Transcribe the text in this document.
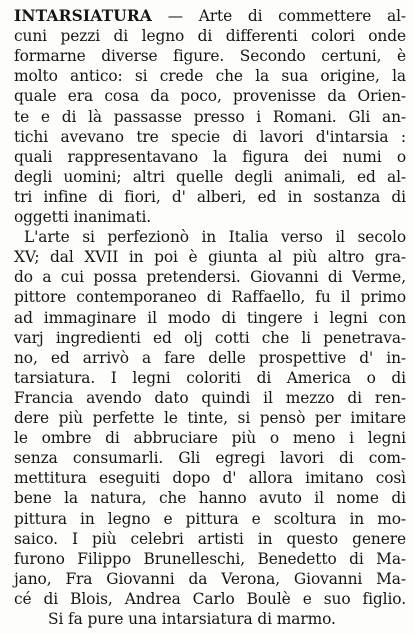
INTARSIATURA — Arte di commettere al-
cuni pezzi di legno di differenti colori onde
formarne diverse figure. Secondo certuni, è
molto antico: si crede che la sua origine, la
quale era cosa da poco, provenisse da Orien-
te e di là passasse presso i Romani. Gli an-
tichi avevano tre specie di lavori d'intarsia :
quali rappresentavano la figura dei numi o
degli uomini; altri quelle degli animali, ed al-
tri infine di fiori, d' alberi, ed in sostanza di
oggetti inanimati.
L'arte si perfezionò in Italia verso il secolo
XV; dal XVII in poi è giunta al più altro gra-
do a cui possa pretendersi. Giovanni di Verme,
pittore contemporaneo di Raffaello, fu il primo
ad immaginare il modo di tingere i legni con
varj ingredienti ed olj cotti che li penetrava-
no, ed arrivò a fare delle prospettive d' in-
tarsiatura. I legni coloriti di America o di
Francia avendo dato quindi il mezzo di ren-
dere più perfette le tinte, si pensò per imitare
le ombre di abbruciare più o meno i legni
senza consumarli. Gli egregi lavori di com-
mettitura eseguiti dopo d' allora imitano così
bene la natura, che hanno avuto il nome di
pittura in legno e pittura e scoltura in mo-
saico. I più celebri artisti in questo genere
furono Filippo Brunelleschi, Benedetto di Ma-
jano, Fra Giovanni da Verona, Giovanni Ma-
cé di Blois, Andrea Carlo Boulè e suo figlio.
Si fa pure una intarsiatura di marmo.
